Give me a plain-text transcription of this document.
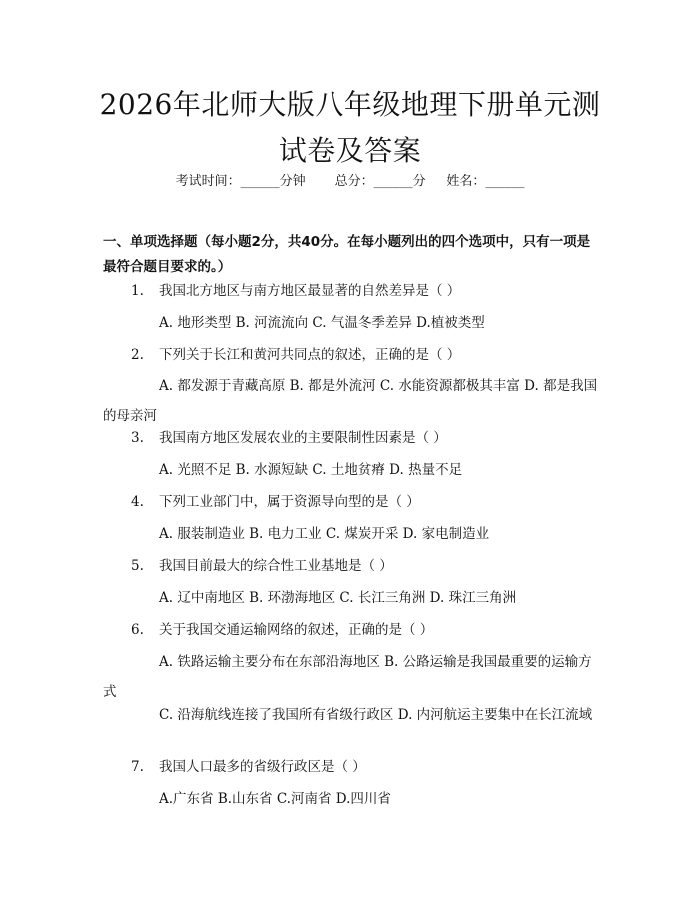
2026年北师大版八年级地理下册单元测试卷及答案
考试时间：______分钟 总分：______分 姓名：______
一、单项选择题（每小题2分，共40分。在每小题列出的四个选项中，只有一项是最符合题目要求的。）
1. 我国北方地区与南方地区最显著的自然差异是（ ）
A. 地形类型 B. 河流流向 C. 气温冬季差异 D.植被类型
2. 下列关于长江和黄河共同点的叙述，正确的是（ ）
A. 都发源于青藏高原 B. 都是外流河 C. 水能资源都极其丰富 D. 都是我国的母亲河
3. 我国南方地区发展农业的主要限制性因素是（ ）
A. 光照不足 B. 水源短缺 C. 土地贫瘠 D. 热量不足
4. 下列工业部门中，属于资源导向型的是（ ）
A. 服装制造业 B. 电力工业 C. 煤炭开采 D. 家电制造业
5. 我国目前最大的综合性工业基地是（ ）
A. 辽中南地区 B. 环渤海地区 C. 长江三角洲 D. 珠江三角洲
6. 关于我国交通运输网络的叙述，正确的是（ ）
A. 铁路运输主要分布在东部沿海地区 B. 公路运输是我国最重要的运输方式
C. 沿海航线连接了我国所有省级行政区 D. 内河航运主要集中在长江流域
7. 我国人口最多的省级行政区是（ ）
A.广东省 B.山东省 C.河南省 D.四川省
